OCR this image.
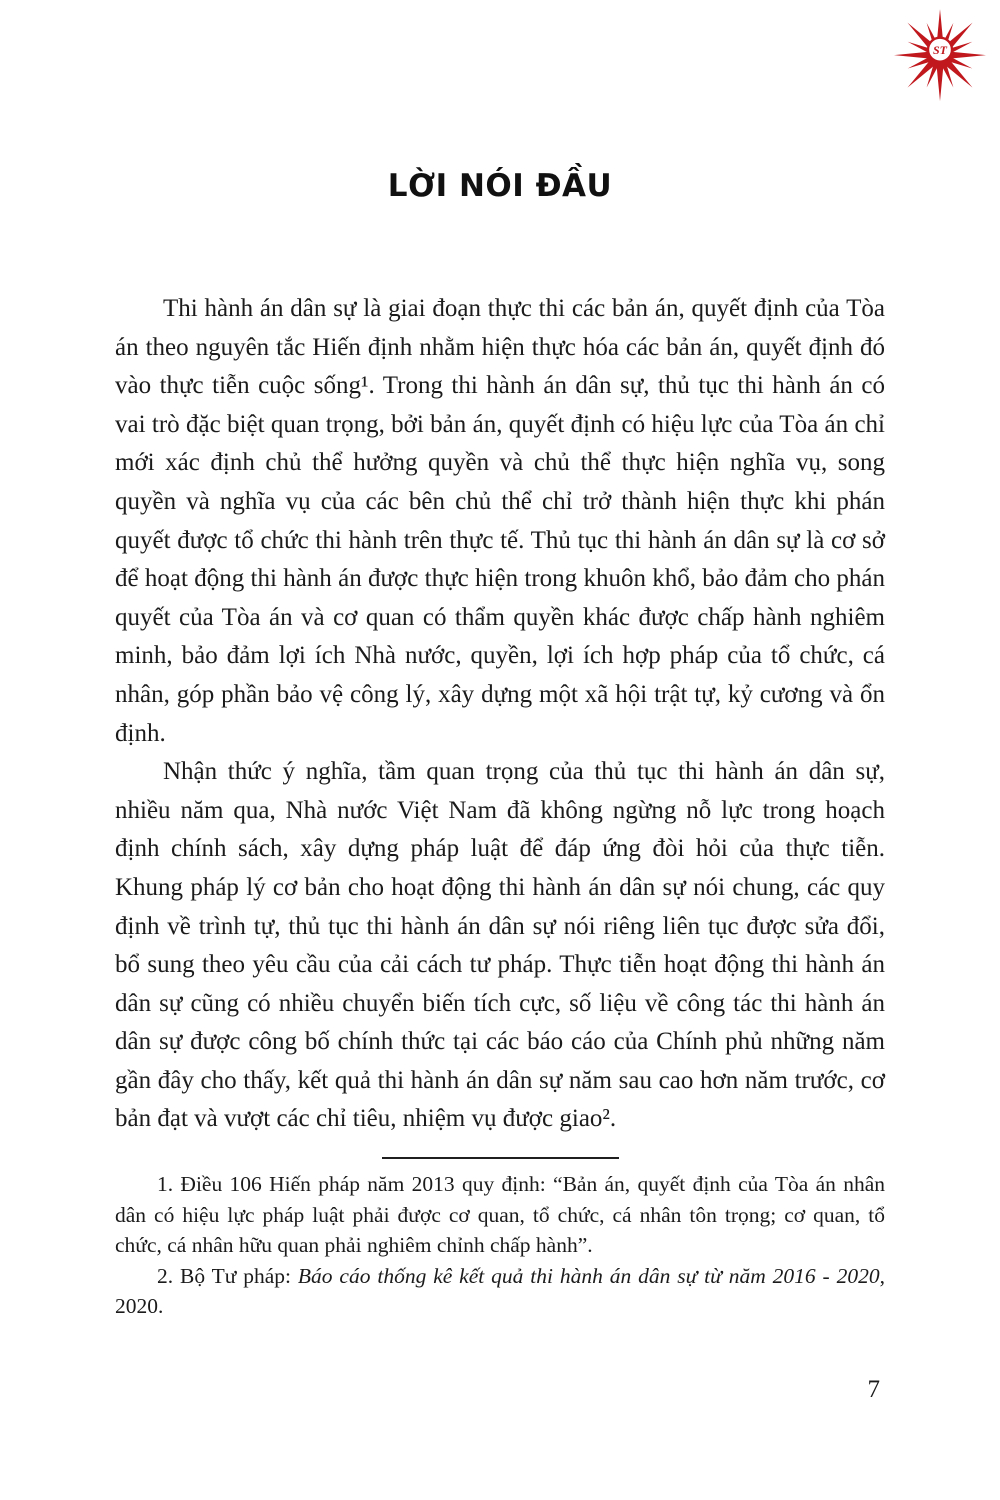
ST
LỜI NÓI ĐẦU

Thi hành án dân sự là giai đoạn thực thi các bản án, quyết định của Tòa án theo nguyên tắc Hiến định nhằm hiện thực hóa các bản án, quyết định đó vào thực tiễn cuộc sống¹. Trong thi hành án dân sự, thủ tục thi hành án có vai trò đặc biệt quan trọng, bởi bản án, quyết định có hiệu lực của Tòa án chỉ mới xác định chủ thể hưởng quyền và chủ thể thực hiện nghĩa vụ, song quyền và nghĩa vụ của các bên chủ thể chỉ trở thành hiện thực khi phán quyết được tổ chức thi hành trên thực tế. Thủ tục thi hành án dân sự là cơ sở để hoạt động thi hành án được thực hiện trong khuôn khổ, bảo đảm cho phán quyết của Tòa án và cơ quan có thẩm quyền khác được chấp hành nghiêm minh, bảo đảm lợi ích Nhà nước, quyền, lợi ích hợp pháp của tổ chức, cá nhân, góp phần bảo vệ công lý, xây dựng một xã hội trật tự, kỷ cương và ổn định.

Nhận thức ý nghĩa, tầm quan trọng của thủ tục thi hành án dân sự, nhiều năm qua, Nhà nước Việt Nam đã không ngừng nỗ lực trong hoạch định chính sách, xây dựng pháp luật để đáp ứng đòi hỏi của thực tiễn. Khung pháp lý cơ bản cho hoạt động thi hành án dân sự nói chung, các quy định về trình tự, thủ tục thi hành án dân sự nói riêng liên tục được sửa đổi, bổ sung theo yêu cầu của cải cách tư pháp. Thực tiễn hoạt động thi hành án dân sự cũng có nhiều chuyển biến tích cực, số liệu về công tác thi hành án dân sự được công bố chính thức tại các báo cáo của Chính phủ những năm gần đây cho thấy, kết quả thi hành án dân sự năm sau cao hơn năm trước, cơ bản đạt và vượt các chỉ tiêu, nhiệm vụ được giao².

1. Điều 106 Hiến pháp năm 2013 quy định: “Bản án, quyết định của Tòa án nhân dân có hiệu lực pháp luật phải được cơ quan, tổ chức, cá nhân tôn trọng; cơ quan, tổ chức, cá nhân hữu quan phải nghiêm chỉnh chấp hành”.

2. Bộ Tư pháp: Báo cáo thống kê kết quả thi hành án dân sự từ năm 2016 - 2020, 2020.

7
